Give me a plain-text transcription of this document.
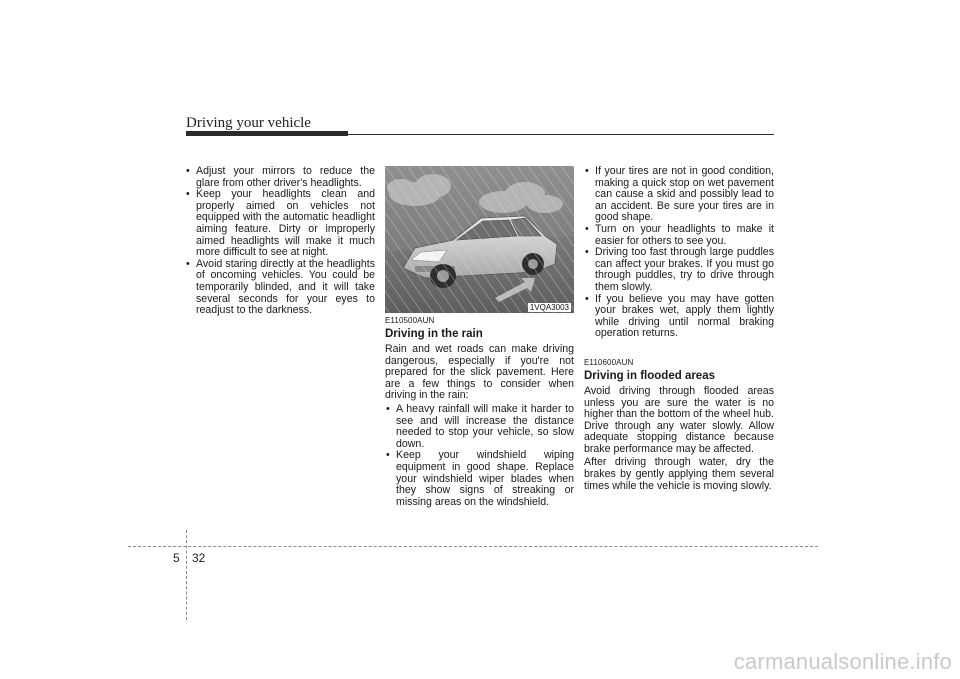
Driving your vehicle
• Adjust your mirrors to reduce the glare from other driver's headlights.
• Keep your headlights clean and properly aimed on vehicles not equipped with the automatic headlight aiming feature. Dirty or improperly aimed headlights will make it much more difficult to see at night.
• Avoid staring directly at the headlights of oncoming vehicles. You could be temporarily blinded, and it will take several seconds for your eyes to readjust to the darkness.	1VQA3003
E110500AUN
Driving in the rain

Rain and wet roads can make driving dangerous, especially if you're not prepared for the slick pavement. Here are a few things to consider when driving in the rain:

• A heavy rainfall will make it harder to see and will increase the distance needed to stop your vehicle, so slow down.
• Keep your windshield wiping equipment in good shape. Replace your windshield wiper blades when they show signs of streaking or missing areas on the windshield.
• If your tires are not in good condition, making a quick stop on wet pavement can cause a skid and possibly lead to an accident. Be sure your tires are in good shape.
• Turn on your headlights to make it easier for others to see you.
• Driving too fast through large puddles can affect your brakes. If you must go through puddles, try to drive through them slowly.
• If you believe you may have gotten your brakes wet, apply them lightly while driving until normal braking operation returns.
E110600AUN
Driving in flooded areas

Avoid driving through flooded areas unless you are sure the water is no higher than the bottom of the wheel hub. Drive through any water slowly. Allow adequate stopping distance because brake performance may be affected.

After driving through water, dry the brakes by gently applying them several times while the vehicle is moving slowly.

5 32
carmanualsonline.info
